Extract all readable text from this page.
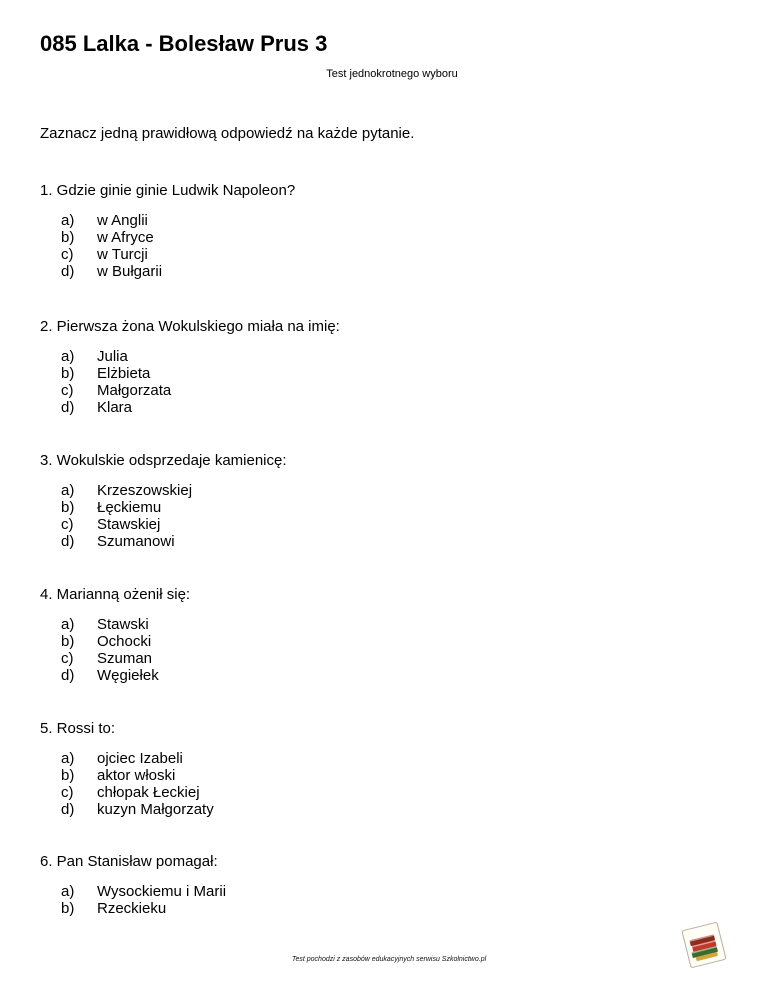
085 Lalka - Bolesław Prus 3
Test jednokrotnego wyboru
Zaznacz jedną prawidłową odpowiedź na każde pytanie.
1. Gdzie ginie ginie Ludwik Napoleon?
a) w Anglii
b) w Afryce
c) w Turcji
d) w Bułgarii
2. Pierwsza żona Wokulskiego miała na imię:
a) Julia
b) Elżbieta
c) Małgorzata
d) Klara
3. Wokulskie odsprzedaje kamienicę:
a) Krzeszowskiej
b) Łęckiemu
c) Stawskiej
d) Szumanowi
4. Marianną ożenił się:
a) Stawski
b) Ochocki
c) Szuman
d) Węgiełek
5. Rossi to:
a) ojciec Izabeli
b) aktor włoski
c) chłopak Łeckiej
d) kuzyn Małgorzaty
6. Pan Stanisław pomagał:
a) Wysockiemu i Marii
b) Rzeckieku
Test pochodzi z zasobów edukacyjnych serwisu Szkolnictwo.pl
